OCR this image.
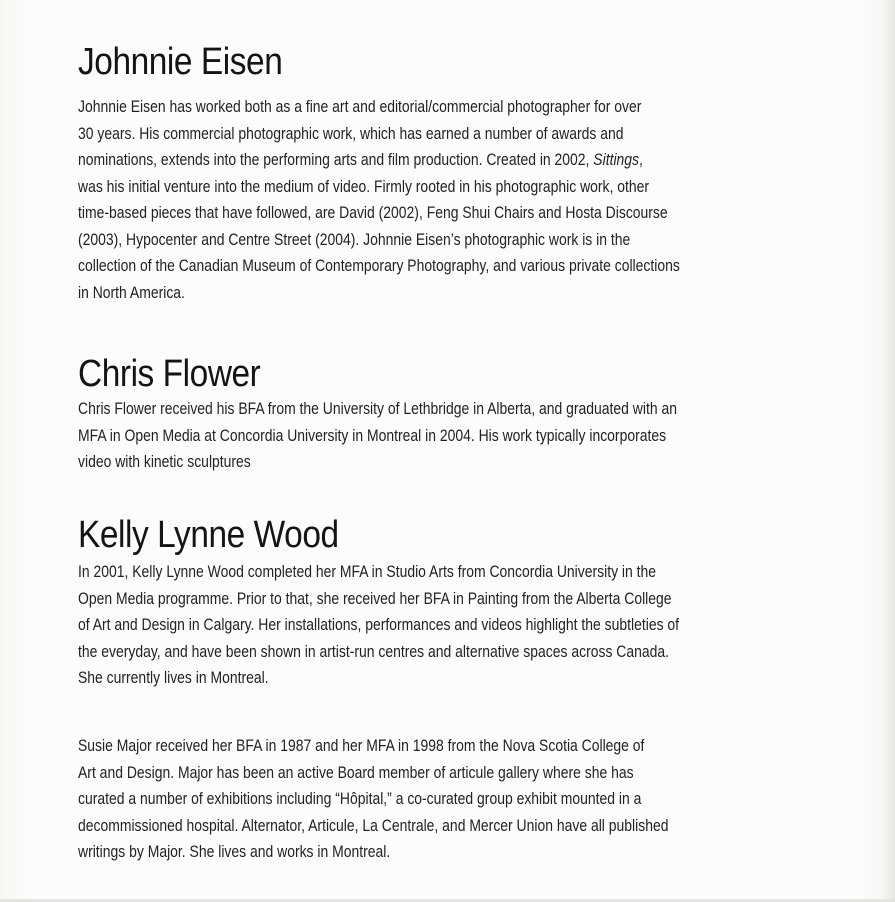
Johnnie Eisen

Johnnie Eisen has worked both as a fine art and editorial/commercial photographer for over
30 years. His commercial photographic work, which has earned a number of awards and
nominations, extends into the performing arts and film production. Created in 2002, Sittings,
was his initial venture into the medium of video. Firmly rooted in his photographic work, other
time-based pieces that have followed, are David (2002), Feng Shui Chairs and Hosta Discourse
(2003), Hypocenter and Centre Street (2004). Johnnie Eisen’s photographic work is in the
collection of the Canadian Museum of Contemporary Photography, and various private collections
in North America.

Chris Flower

Chris Flower received his BFA from the University of Lethbridge in Alberta, and graduated with an
MFA in Open Media at Concordia University in Montreal in 2004. His work typically incorporates
video with kinetic sculptures

Kelly Lynne Wood

In 2001, Kelly Lynne Wood completed her MFA in Studio Arts from Concordia University in the
Open Media programme. Prior to that, she received her BFA in Painting from the Alberta College
of Art and Design in Calgary. Her installations, performances and videos highlight the subtleties of
the everyday, and have been shown in artist-run centres and alternative spaces across Canada.
She currently lives in Montreal.

Susie Major received her BFA in 1987 and her MFA in 1998 from the Nova Scotia College of
Art and Design. Major has been an active Board member of articule gallery where she has
curated a number of exhibitions including “Hôpital,” a co-curated group exhibit mounted in a
decommissioned hospital. Alternator, Articule, La Centrale, and Mercer Union have all published
writings by Major. She lives and works in Montreal.
